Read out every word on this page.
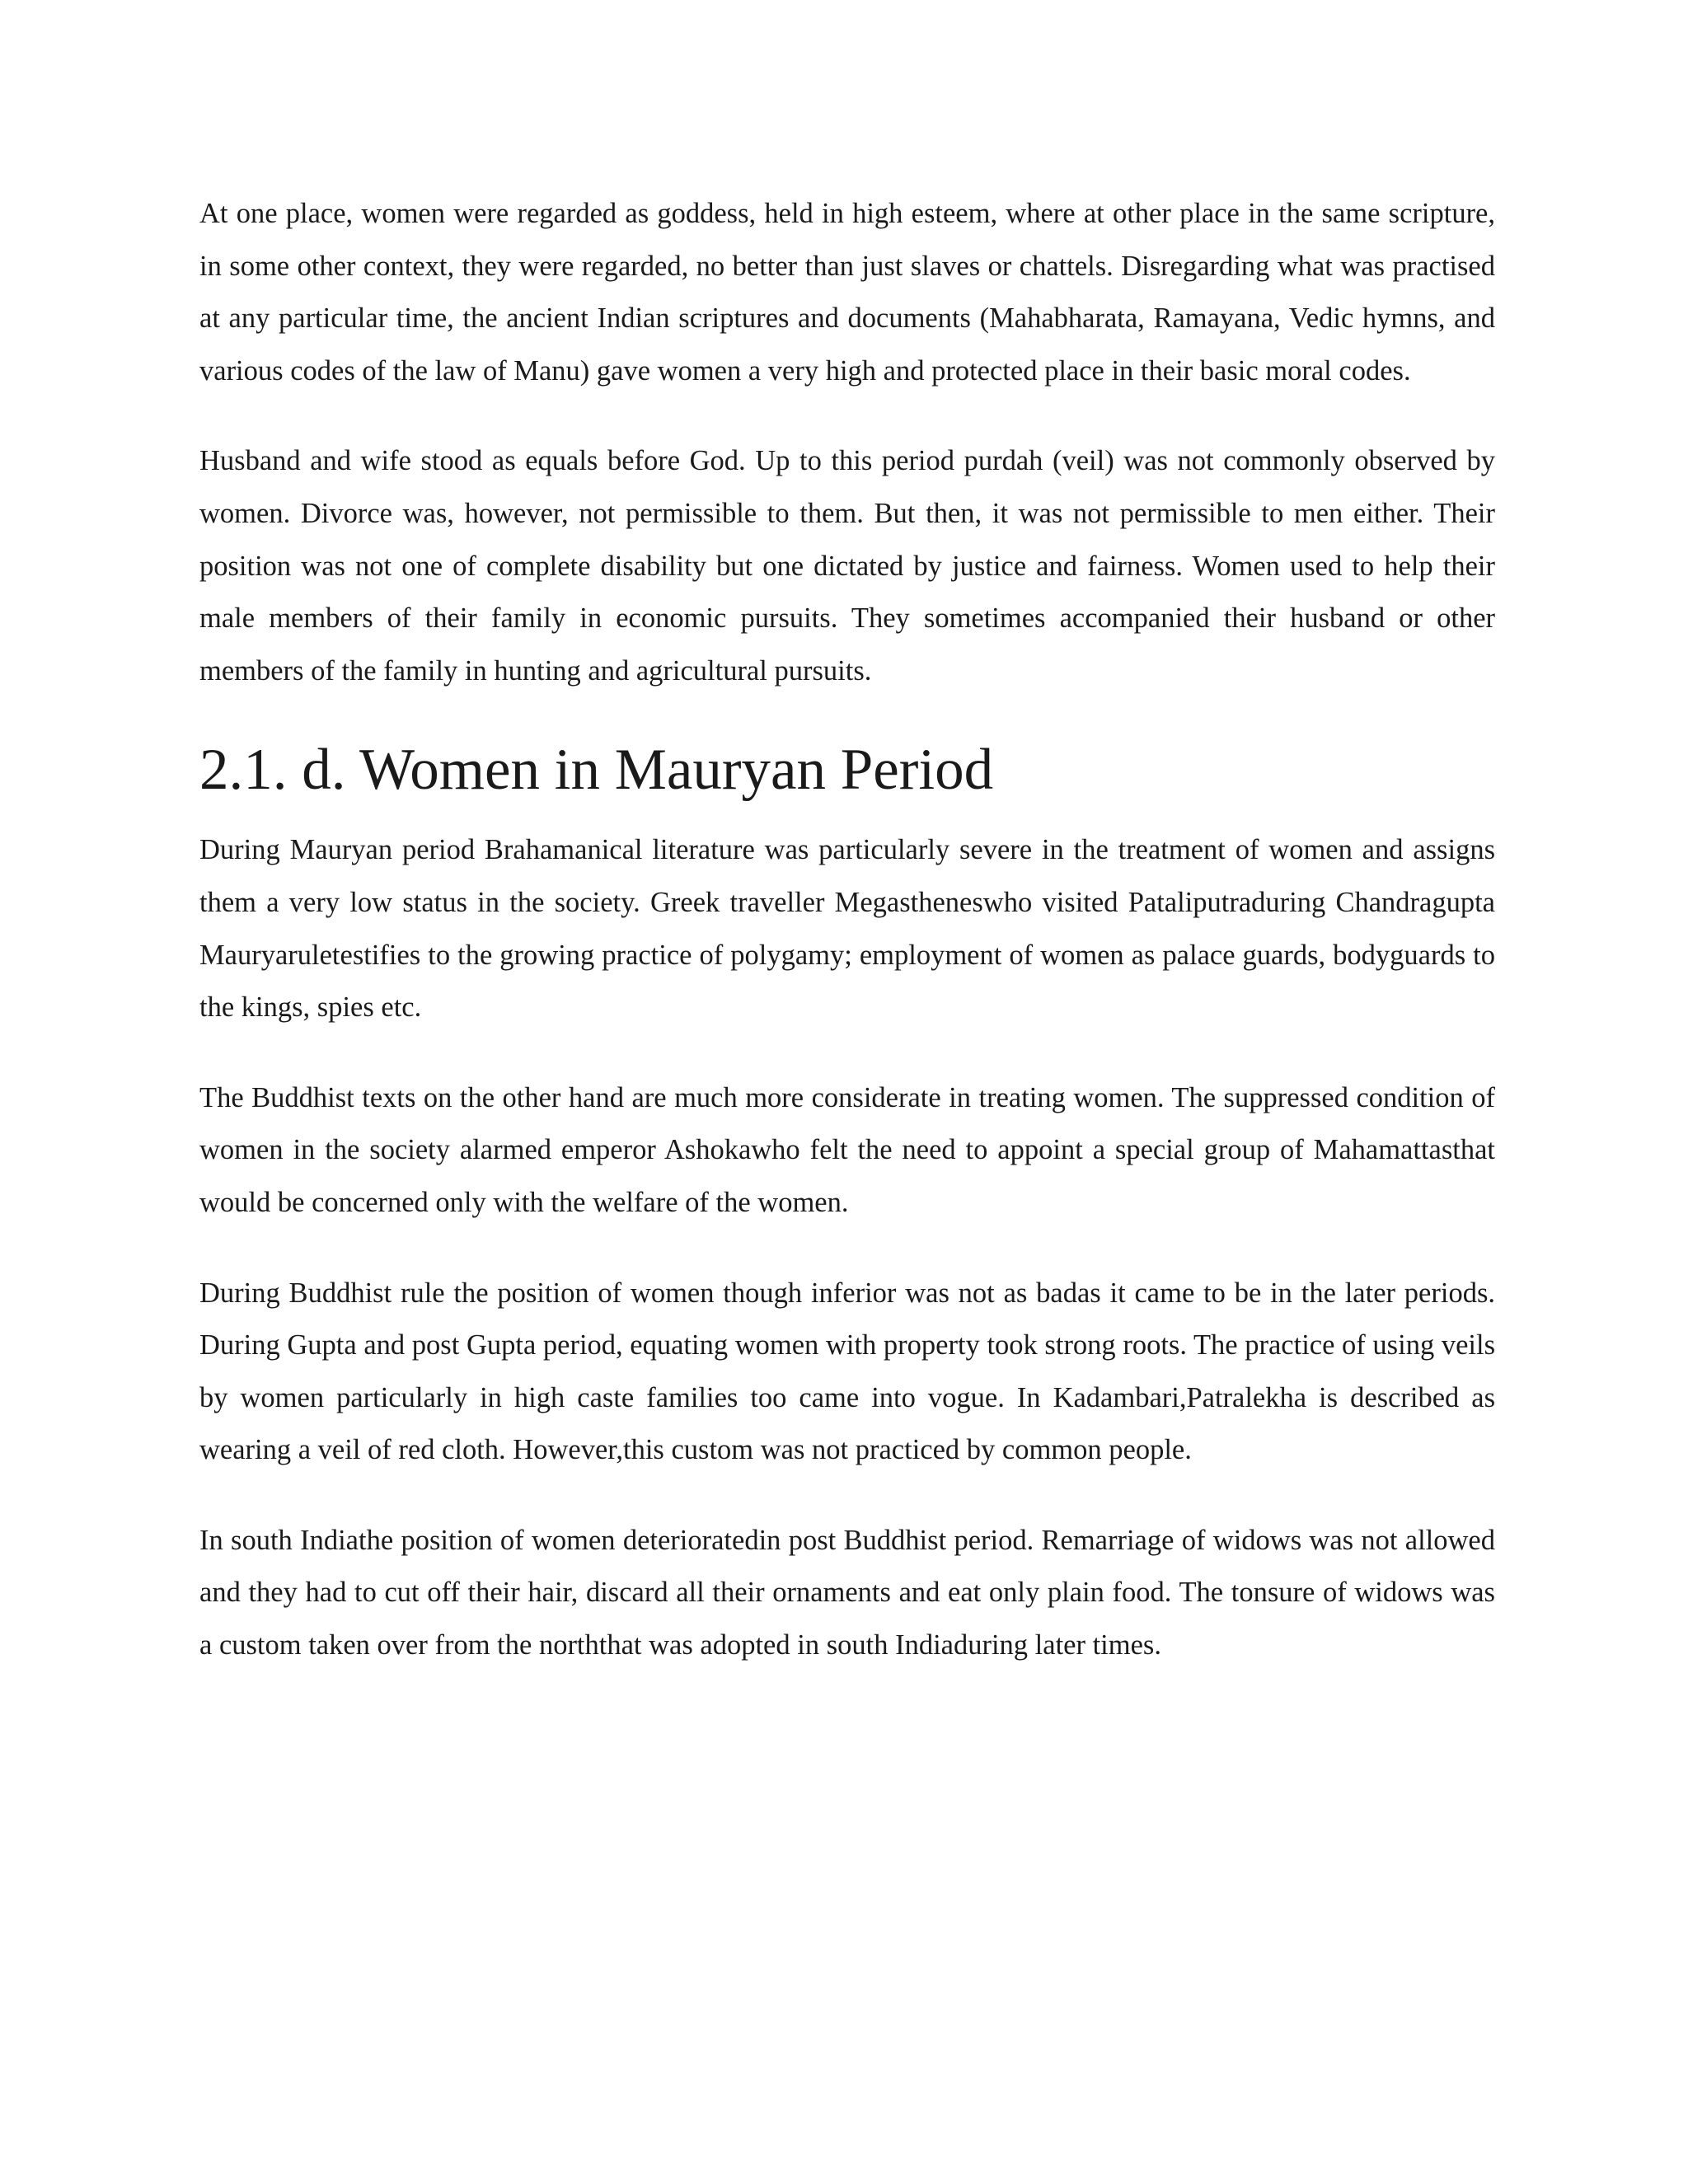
At one place, women were regarded as goddess, held in high esteem, where at other place in the same scripture, in some other context, they were regarded, no better than just slaves or chattels. Disregarding what was practised at any particular time, the ancient Indian scriptures and documents (Mahabharata, Ramayana, Vedic hymns, and various codes of the law of Manu) gave women a very high and protected place in their basic moral codes.

Husband and wife stood as equals before God. Up to this period purdah (veil) was not commonly observed by women. Divorce was, however, not permissible to them. But then, it was not permissible to men either. Their position was not one of complete disability but one dictated by justice and fairness. Women used to help their male members of their family in economic pursuits. They sometimes accompanied their husband or other members of the family in hunting and agricultural pursuits.

2.1. d. Women in Mauryan Period

During Mauryan period Brahamanical literature was particularly severe in the treatment of women and assigns them a very low status in the society. Greek traveller Megastheneswho visited Pataliputraduring Chandragupta Mauryaruletestifies to the growing practice of polygamy; employment of women as palace guards, bodyguards to the kings, spies etc.

The Buddhist texts on the other hand are much more considerate in treating women. The suppressed condition of women in the society alarmed emperor Ashokawho felt the need to appoint a special group of Mahamattasthat would be concerned only with the welfare of the women.

During Buddhist rule the position of women though inferior was not as badas it came to be in the later periods. During Gupta and post Gupta period, equating women with property took strong roots. The practice of using veils by women particularly in high caste families too came into vogue. In Kadambari,Patralekha is described as wearing a veil of red cloth. However,this custom was not practiced by common people.

In south Indiathe position of women deterioratedin post Buddhist period. Remarriage of widows was not allowed and they had to cut off their hair, discard all their ornaments and eat only plain food. The tonsure of widows was a custom taken over from the norththat was adopted in south Indiaduring later times.
